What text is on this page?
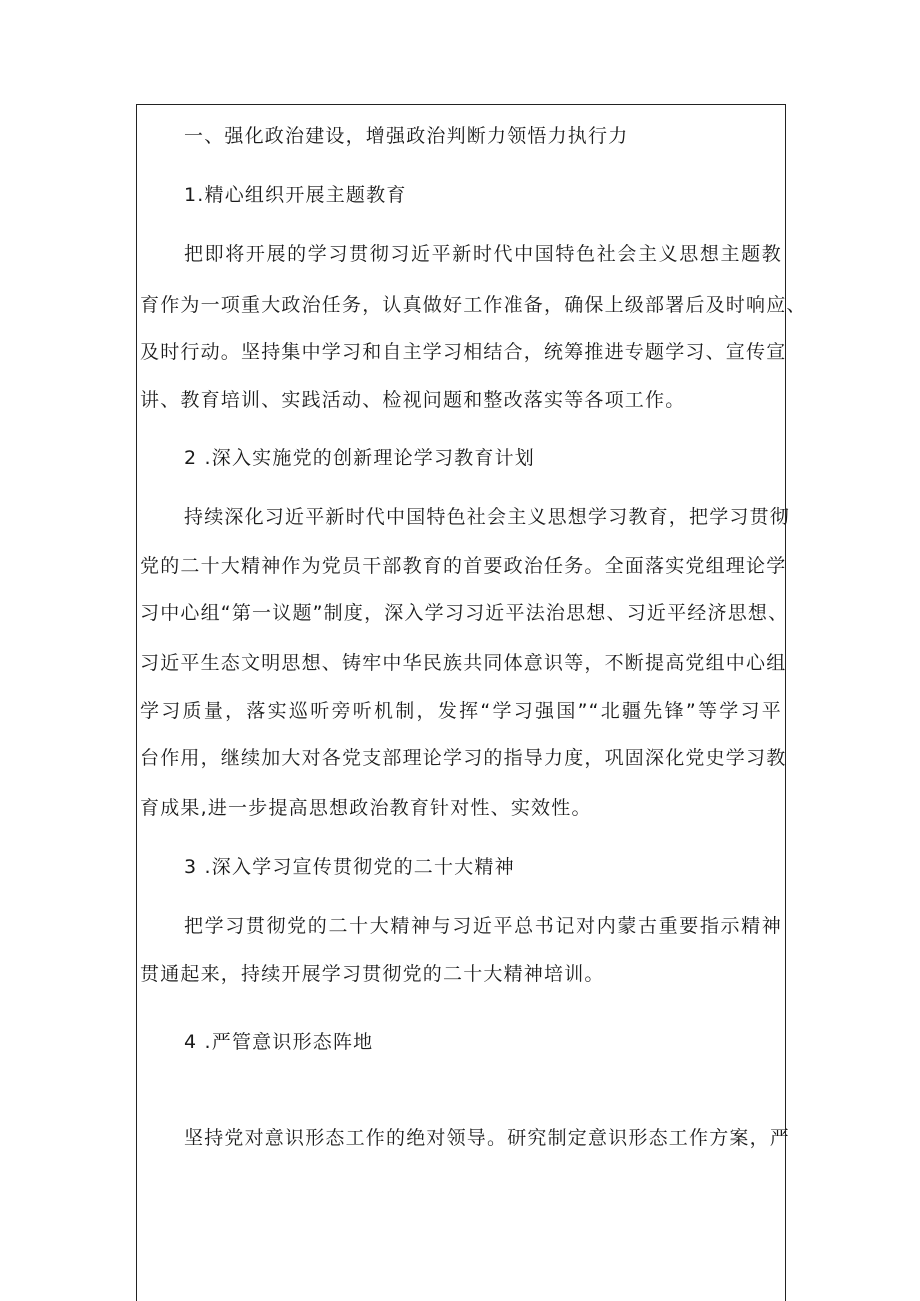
一、强化政治建设，增强政治判断力领悟力执行力
1.精心组织开展主题教育
把即将开展的学习贯彻习近平新时代中国特色社会主义思想主题教
育作为一项重大政治任务，认真做好工作准备，确保上级部署后及时响应、
及时行动。坚持集中学习和自主学习相结合，统筹推进专题学习、宣传宣
讲、教育培训、实践活动、检视问题和整改落实等各项工作。
2 .深入实施党的创新理论学习教育计划
持续深化习近平新时代中国特色社会主义思想学习教育，把学习贯彻
党的二十大精神作为党员干部教育的首要政治任务。全面落实党组理论学
习中心组“第一议题”制度，深入学习习近平法治思想、习近平经济思想、
习近平生态文明思想、铸牢中华民族共同体意识等，不断提高党组中心组
学习质量，落实巡听旁听机制，发挥“学习强国”“北疆先锋”等学习平
台作用，继续加大对各党支部理论学习的指导力度，巩固深化党史学习教
育成果,进一步提高思想政治教育针对性、实效性。
3 .深入学习宣传贯彻党的二十大精神
把学习贯彻党的二十大精神与习近平总书记对内蒙古重要指示精神
贯通起来，持续开展学习贯彻党的二十大精神培训。
4 .严管意识形态阵地
坚持党对意识形态工作的绝对领导。研究制定意识形态工作方案，严
